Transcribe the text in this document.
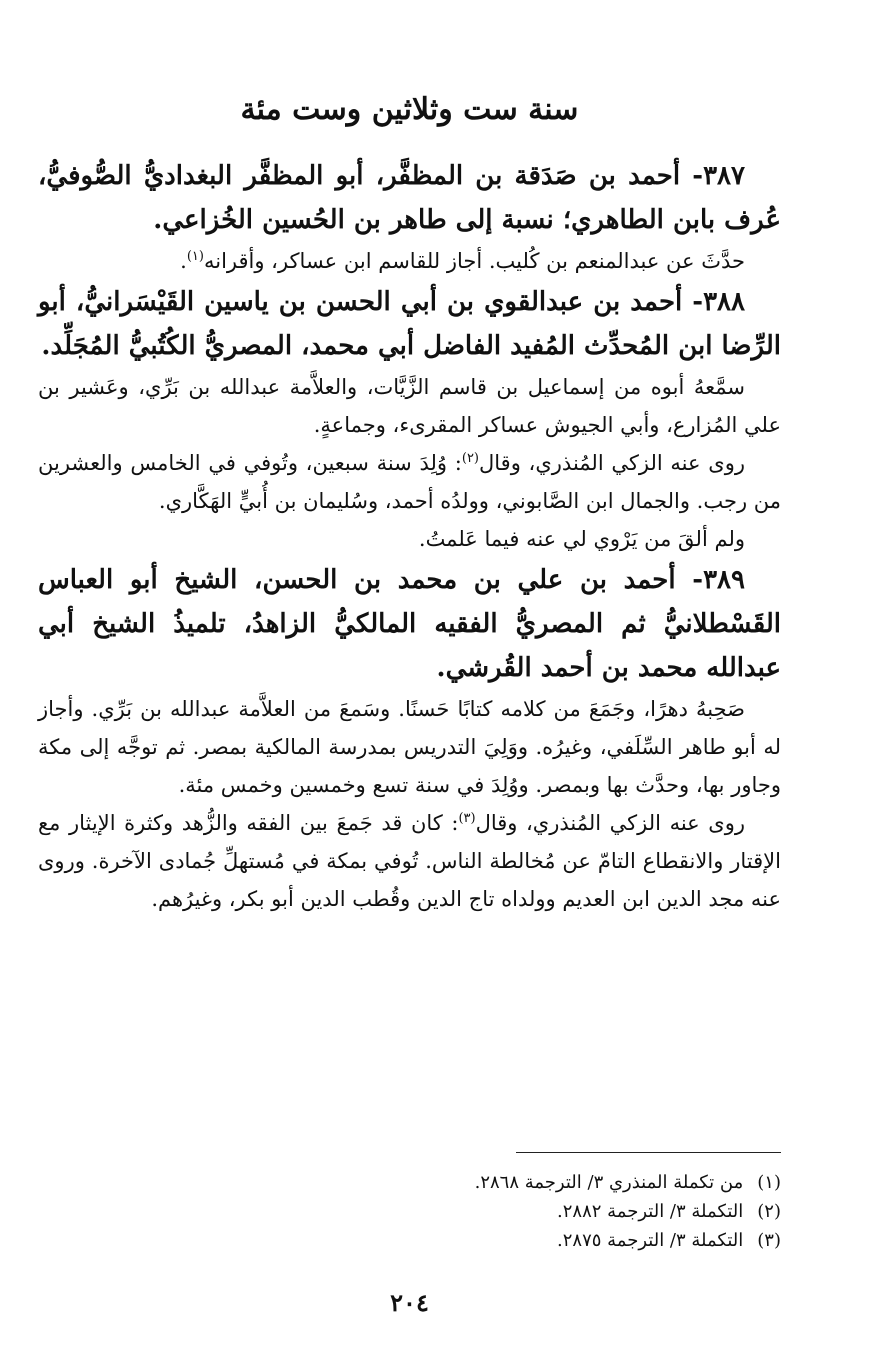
سنة ست وثلاثين وست مئة

٣٨٧- أحمد بن صَدَقة بن المظفَّر، أبو المظفَّر البغداديُّ الصُّوفيُّ، عُرف بابن الطاهري؛ نسبة إلى طاهر بن الحُسين الخُزاعي.

حدَّثَ عن عبدالمنعم بن كُليب. أجاز للقاسم ابن عساكر، وأقرانه$^{(١)}$.

٣٨٨- أحمد بن عبدالقوي بن أبي الحسن بن ياسين القَيْسَرانيُّ، أبو الرِّضا ابن المُحدِّث المُفيد الفاضل أبي محمد، المصريُّ الكُتُبيُّ المُجَلِّد.

سمَّعهُ أبوه من إسماعيل بن قاسم الزَّيَّات، والعلاَّمة عبدالله بن بَرِّي، وعَشير بن علي المُزارع، وأبي الجيوش عساكر المقرىء، وجماعةٍ.

روى عنه الزكي المُنذري، وقال$^{(٢)}$: وُلِدَ سنة سبعين، وتُوفي في الخامس والعشرين من رجب. والجمال ابن الصَّابوني، وولدُه أحمد، وسُليمان بن أُبيٍّ الهَكَّاري.

ولم ألقَ من يَرْوي لي عنه فيما عَلمتُ.

٣٨٩- أحمد بن علي بن محمد بن الحسن، الشيخ أبو العباس القَسْطلانيُّ ثم المصريُّ الفقيه المالكيُّ الزاهدُ، تلميذُ الشيخ أبي عبدالله محمد بن أحمد القُرشي.

صَحِبهُ دهرًا، وجَمَعَ من كلامه كتابًا حَسنًا. وسَمعَ من العلاَّمة عبدالله بن بَرِّي. وأجاز له أبو طاهر السِّلَفي، وغيرُه. ووَلِيَ التدريس بمدرسة المالكية بمصر. ثم توجَّه إلى مكة وجاور بها، وحدَّث بها وبمصر. ووُلِدَ في سنة تسع وخمسين وخمس مئة.

روى عنه الزكي المُنذري، وقال$^{(٣)}$: كان قد جَمعَ بين الفقه والزُّهد وكثرة الإيثار مع الإقتار والانقطاع التامّ عن مُخالطة الناس. تُوفي بمكة في مُستهلِّ جُمادى الآخرة. وروى عنه مجد الدين ابن العديم وولداه تاج الدين وقُطب الدين أبو بكر، وغيرُهم.

(١)من تكملة المنذري ٣/ الترجمة ٢٨٦٨.

(٢)التكملة ٣/ الترجمة ٢٨٨٢.

(٣)التكملة ٣/ الترجمة ٢٨٧٥.

٢٠٤
